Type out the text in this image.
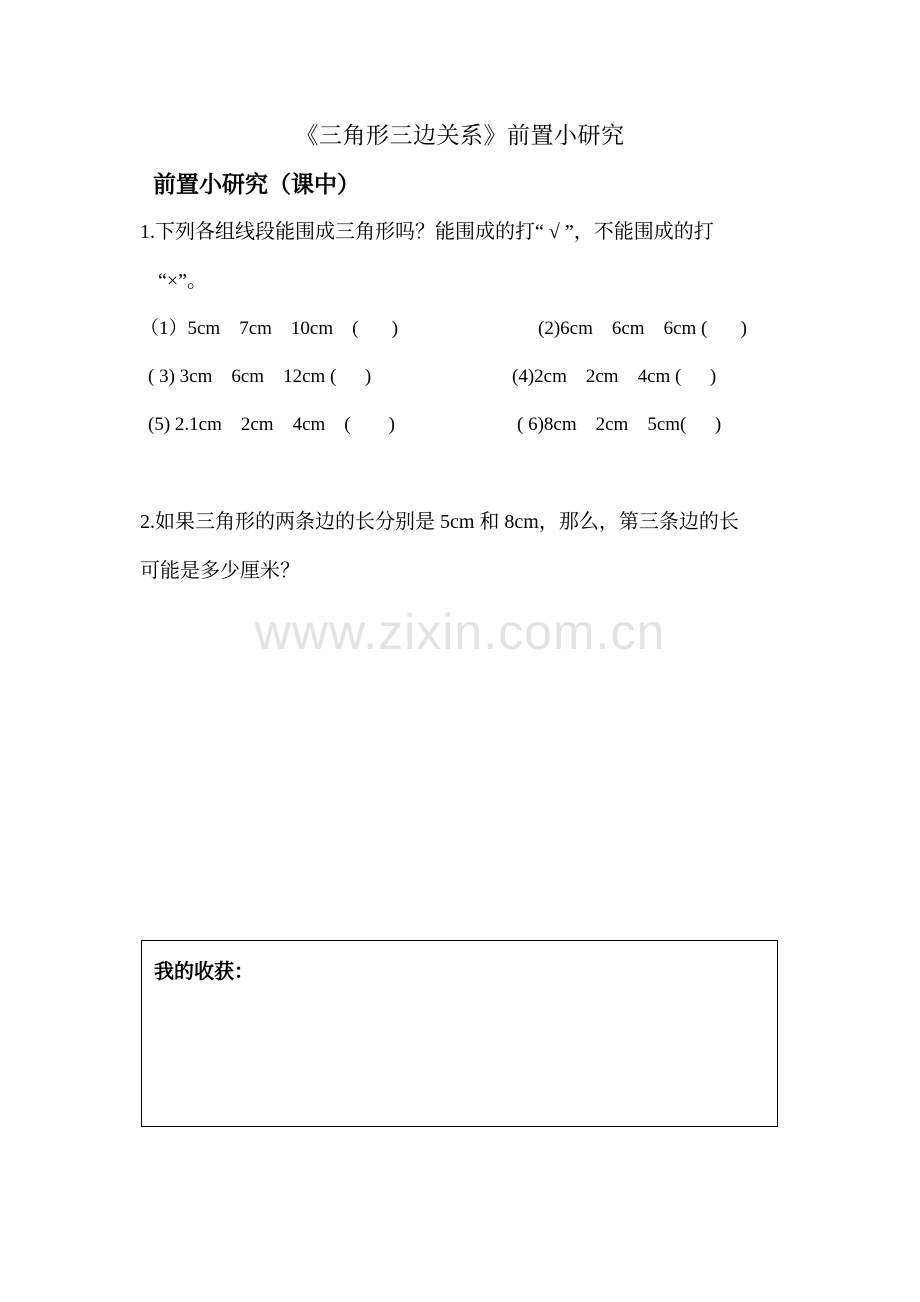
《三角形三边关系》前置小研究
前置小研究（课中）
1.下列各组线段能围成三角形吗？能围成的打“ √ ”，不能围成的打
“×”。
（1）5cm    7cm    10cm    (       )	(2)6cm    6cm    6cm (       )
( 3) 3cm    6cm    12cm (      )	(4)2cm    2cm    4cm (      )
(5) 2.1cm    2cm    4cm    (        )	( 6)8cm    2cm    5cm(      )
2.如果三角形的两条边的长分别是 5cm 和 8cm，那么，第三条边的长
可能是多少厘米？
www.zixin.com.cn
我的收获：
